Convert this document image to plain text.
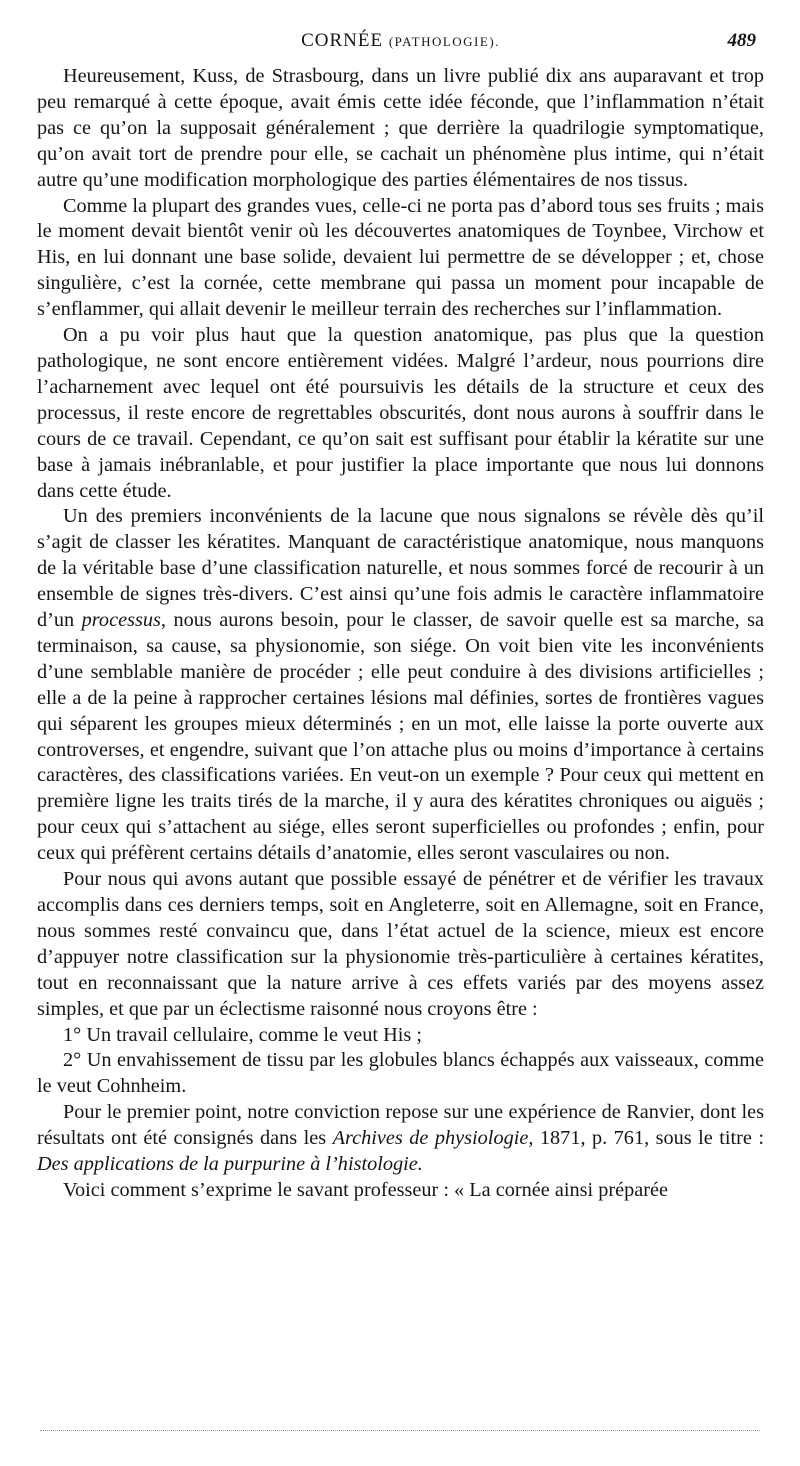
CORNÉE (PATHOLOGIE).	489

Heureusement, Kuss, de Strasbourg, dans un livre publié dix ans auparavant et trop peu remarqué à cette époque, avait émis cette idée féconde, que l’inflammation n’était pas ce qu’on la supposait généralement ; que derrière la quadrilogie symptomatique, qu’on avait tort de prendre pour elle, se cachait un phénomène plus intime, qui n’était autre qu’une modification morphologique des parties élémentaires de nos tissus.

Comme la plupart des grandes vues, celle-ci ne porta pas d’abord tous ses fruits ; mais le moment devait bientôt venir où les découvertes anatomiques de Toynbee, Virchow et His, en lui donnant une base solide, devaient lui permettre de se développer ; et, chose singulière, c’est la cornée, cette membrane qui passa un moment pour incapable de s’enflammer, qui allait devenir le meilleur terrain des recherches sur l’inflammation.

On a pu voir plus haut que la question anatomique, pas plus que la question pathologique, ne sont encore entièrement vidées. Malgré l’ardeur, nous pourrions dire l’acharnement avec lequel ont été poursuivis les détails de la structure et ceux des processus, il reste encore de regrettables obscurités, dont nous aurons à souffrir dans le cours de ce travail. Cependant, ce qu’on sait est suffisant pour établir la kératite sur une base à jamais inébranlable, et pour justifier la place importante que nous lui donnons dans cette étude.

Un des premiers inconvénients de la lacune que nous signalons se révèle dès qu’il s’agit de classer les kératites. Manquant de caractéristique anatomique, nous manquons de la véritable base d’une classification naturelle, et nous sommes forcé de recourir à un ensemble de signes très-divers. C’est ainsi qu’une fois admis le caractère inflammatoire d’un processus, nous aurons besoin, pour le classer, de savoir quelle est sa marche, sa terminaison, sa cause, sa physionomie, son siége. On voit bien vite les inconvénients d’une semblable manière de procéder ; elle peut conduire à des divisions artificielles ; elle a de la peine à rapprocher certaines lésions mal définies, sortes de frontières vagues qui séparent les groupes mieux déterminés ; en un mot, elle laisse la porte ouverte aux controverses, et engendre, suivant que l’on attache plus ou moins d’importance à certains caractères, des classifications variées. En veut-on un exemple ? Pour ceux qui mettent en première ligne les traits tirés de la marche, il y aura des kératites chroniques ou aiguës ; pour ceux qui s’attachent au siége, elles seront superficielles ou profondes ; enfin, pour ceux qui préfèrent certains détails d’anatomie, elles seront vasculaires ou non.

Pour nous qui avons autant que possible essayé de pénétrer et de vérifier les travaux accomplis dans ces derniers temps, soit en Angleterre, soit en Allemagne, soit en France, nous sommes resté convaincu que, dans l’état actuel de la science, mieux est encore d’appuyer notre classification sur la physionomie très-particulière à certaines kératites, tout en reconnaissant que la nature arrive à ces effets variés par des moyens assez simples, et que par un éclectisme raisonné nous croyons être :

1° Un travail cellulaire, comme le veut His ;

2° Un envahissement de tissu par les globules blancs échappés aux vaisseaux, comme le veut Cohnheim.

Pour le premier point, notre conviction repose sur une expérience de Ranvier, dont les résultats ont été consignés dans les Archives de physiologie, 1871, p. 761, sous le titre : Des applications de la purpurine à l’histologie.

Voici comment s’exprime le savant professeur : « La cornée ainsi préparée
